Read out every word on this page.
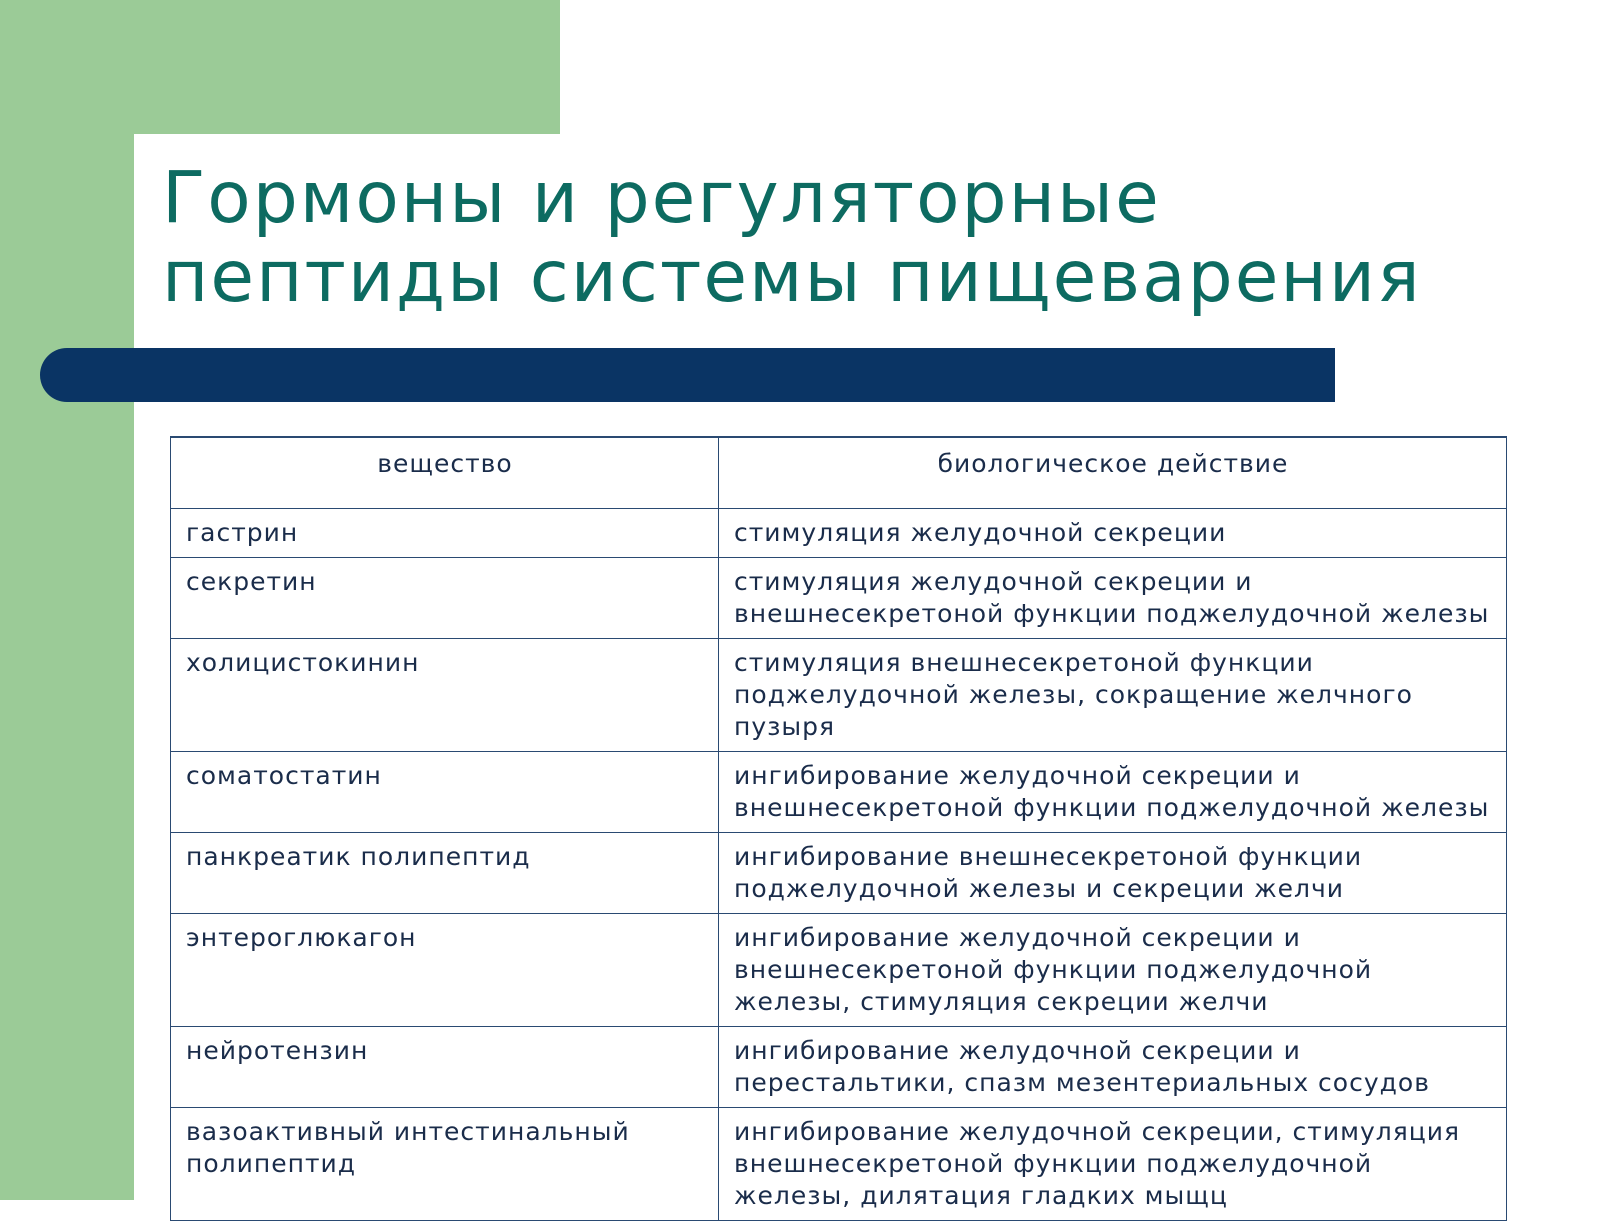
Гормоны и регуляторные пептиды системы пищеварения
вещество	биологическое действие
гастрин	стимуляция желудочной секреции
секретин	стимуляция желудочной секреции и внешнесекретоной функции поджелудочной железы
холицистокинин	стимуляция внешнесекретоной функции поджелудочной железы, сокращение желчного пузыря
соматостатин	ингибирование желудочной секреции и внешнесекретоной функции поджелудочной железы
панкреатик полипептид	ингибирование внешнесекретоной функции поджелудочной железы и секреции желчи
энтероглюкагон	ингибирование желудочной секреции и внешнесекретоной функции поджелудочной железы, стимуляция секреции желчи
нейротензин	ингибирование желудочной секреции и перестальтики, спазм мезентериальных сосудов
вазоактивный интестинальный полипептид	ингибирование желудочной секреции, стимуляция внешнесекретоной функции поджелудочной железы, дилятация гладких мыщц
